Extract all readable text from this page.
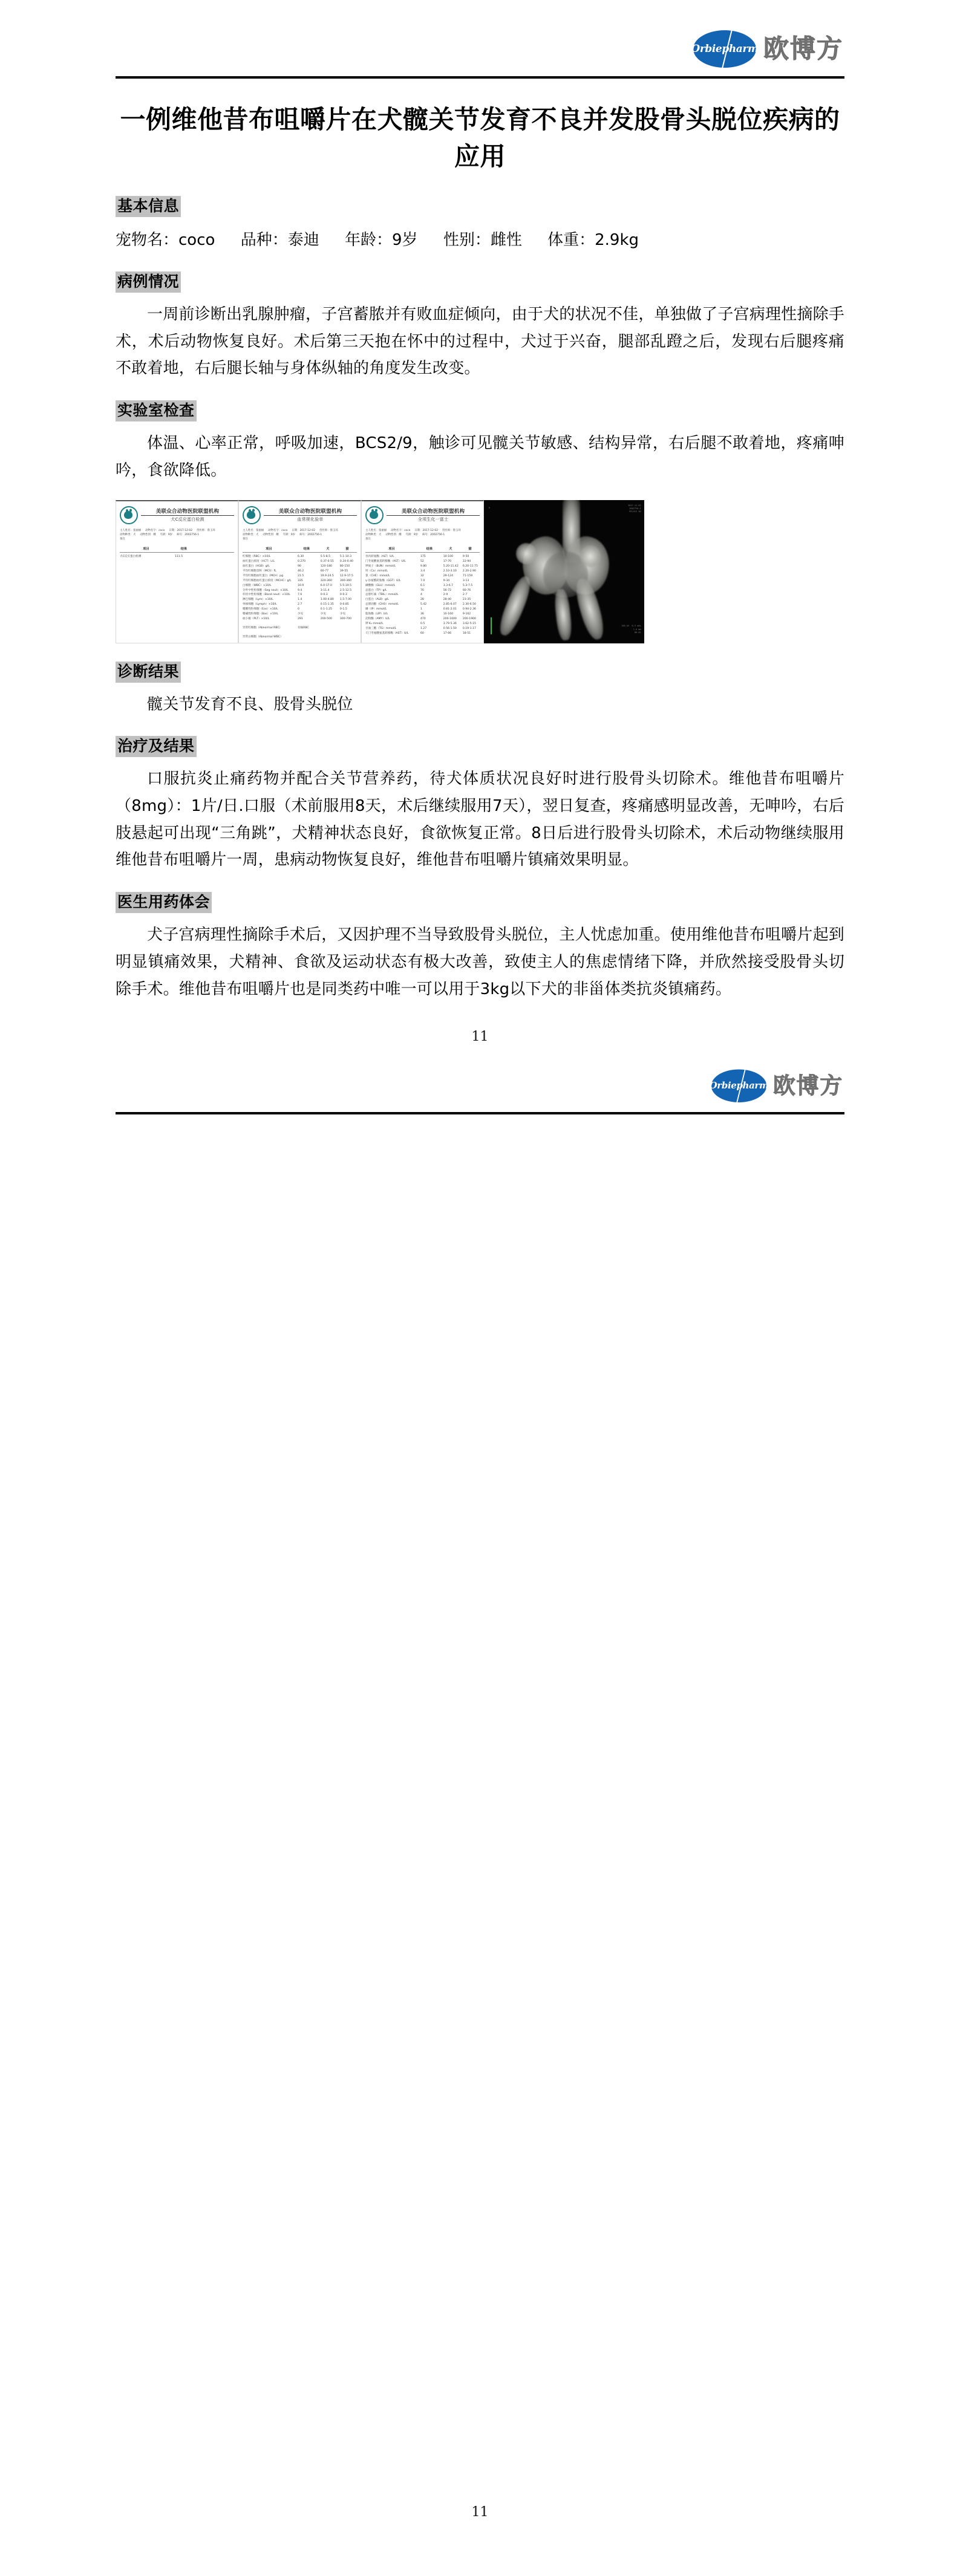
Orbiepharm 欧博方
一例维他昔布咀嚼片在犬髋关节发育不良并发股骨头脱位疾病的应用
基本信息
宠物名：coco 品种：泰迪 年龄：9岁 性别：雌性 体重：2.9kg
病例情况

一周前诊断出乳腺肿瘤，子宫蓄脓并有败血症倾向，由于犬的状况不佳，单独做了子宫病理性摘除手术，术后动物恢复良好。术后第三天抱在怀中的过程中，犬过于兴奋，腿部乱蹬之后，发现右后腿疼痛不敢着地，右后腿长轴与身体纵轴的角度发生改变。

实验室检查

体温、心率正常，呼吸加速，BCS2/9，触诊可见髋关节敏感、结构异常，右后腿不敢着地，疼痛呻吟，食欲降低。

美联众合动物医院联盟机构
犬C反应蛋白检测
主人姓名：张丽丽 动物名字：coco 日期：2017-12-02 兽医师：鲁玉环
动物种类：犬 动物性别：雌 年龄：9岁 病号：2002756-1
备注
项目	结果
犬C反应蛋白检测	111.5
美联众合动物医院联盟机构
血常规化验单
主人姓名：张丽丽 动物名字：coco 日期：2017-12-02 兽医师：鲁玉环
动物种类：犬 动物性别：雌 年龄：9岁 病号：2002756-1
备注
项目	结果	犬	猫
红细胞（RBC）×10/L	6.30	5.5-8.5	5.1-10.3
血红蛋白浓度（HCT）L/L	0.270	0.37-0.55	0.24-0.40
血红蛋白（HGB）g/L	90	120-180	80-150
平均红细胞容积（MCV）fL	46.2	60-77	39-55
平均红细胞血红蛋白（MCH）pg	21.5	19.9-24.5	12.9-17.5
平均红细胞血红蛋白浓度（MCHC）g/L	335	320-360	300-360
白细胞（WBC）×10/L	16.9	6.0-17.0	5.5-19.5
分叶中性粒细胞（Seg neut）×10/L	9.4	3-11.4	2.5-12.5
杆状中性粒细胞（Band neut）×10/L	7.6	0-0.3	0-0.3
淋巴细胞（Lym）×10/L	1.4	1.00-4.80	1.5-7.00
单核细胞（Lymph）×10/L	2.7	0.15-1.35	0-0.85
嗜酸性粒细胞（Eos）×10/L	0	0.1-1.25	0-1.5
嗜碱性粒细胞（Bas）×10/L	少见	少见	少见
血小板（PLT）×10/L	291	200-500	300-700
异常红细胞（Abnormal RBC）	有核RBC
异常白细胞（Abnormal WBC）
美联众合动物医院联盟机构
全项生化一富士
主人姓名：张丽丽 动物名字：coco 日期：2017-12-02 兽医师：鲁玉环
动物种类：犬 动物性别：雌 年龄：9岁 病号：2002756-1
备注
项目	结果	犬	猫
谷丙转氨酶（ALT）U/L	175	10-100	9-50
门冬氨酸氨基转移酶（AST）U/L	52	17-70	22-94
钾离子（BUN）mmol/L	9.80	5.20-11.42	6.20-11.75
钙（Ca）mmol/L	3.4	2.10-3.10	2.20-2.90
氯（CHE）mmol/L	32	29-124	71-159
γ-谷氨酰转肽酶（GGT）U/L	7.0	9-34	3-13
磷酸酶（GLU）mmol/L	6.1	3.3-6.7	5.3-7.5
总蛋白（TP）g/L	76	56-72	60-76
总胆红素（TBIL）mmol/L	4	2-9	2-7
白蛋白（ALB）g/L	28	28-40	23-35
总胆固醇（CHO）mmol/L	5.42	2.85-6.07	2.30-6.50
磷（IP）mmol/L	1	0.81-2.01	0.94-2.36
脂肪酶（LIP）U/L	36	10-160	9-162
淀粉酶（AMY）U/L	470	200-1600	200-1900
钾 K₂ mmol/L	0.5	3.79-5.36	3.62-5.15
甘油三酯（TG）mmol/L	1.27	0.56-1.50	0.19-1.17
天门冬氨酸氨基转移酶（AST）U/L	60	17-66	18-51
R
2017-12-02
2002756-1
PELVIS VD
100 kV  6.3 mAs
1.0 mm
DR-01
诊断结果

髋关节发育不良、股骨头脱位

治疗及结果

口服抗炎止痛药物并配合关节营养药，待犬体质状况良好时进行股骨头切除术。维他昔布咀嚼片（8mg）：1片/日.口服（术前服用8天，术后继续服用7天），翌日复查，疼痛感明显改善，无呻吟，右后肢悬起可出现“三角跳”，犬精神状态良好，食欲恢复正常。8日后进行股骨头切除术，术后动物继续服用维他昔布咀嚼片一周，患病动物恢复良好，维他昔布咀嚼片镇痛效果明显。

医生用药体会

犬子宫病理性摘除手术后，又因护理不当导致股骨头脱位，主人忧虑加重。使用维他昔布咀嚼片起到明显镇痛效果，犬精神、食欲及运动状态有极大改善，致使主人的焦虑情绪下降，并欣然接受股骨头切除手术。维他昔布咀嚼片也是同类药中唯一可以用于3kg以下犬的非甾体类抗炎镇痛药。

11
Orbiepharm 欧博方
11
